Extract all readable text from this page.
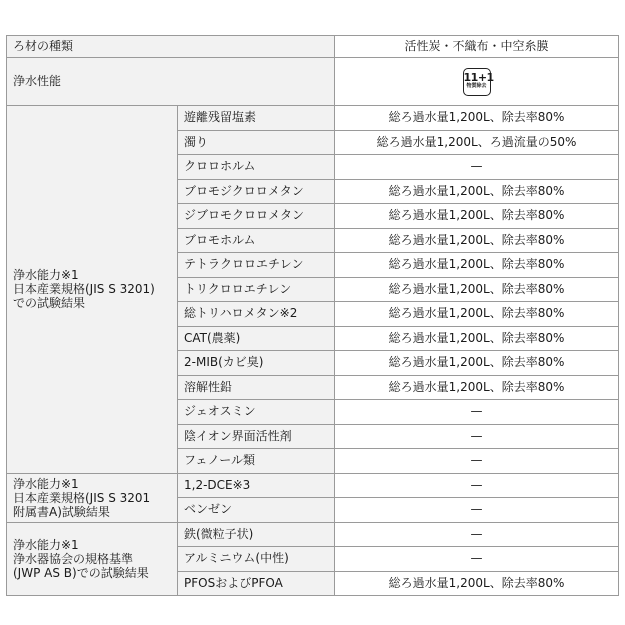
ろ材の種類		活性炭・不織布・中空糸膜
浄水性能		11+1
物質除去

浄水能力※1
日本産業規格(JIS S 3201)
での試験結果	遊離残留塩素	総ろ過水量1,200L、除去率80%
	濁り	総ろ過水量1,200L、ろ過流量の50%
	クロロホルム	—
	ブロモジクロロメタン	総ろ過水量1,200L、除去率80%
	ジブロモクロロメタン	総ろ過水量1,200L、除去率80%
	ブロモホルム	総ろ過水量1,200L、除去率80%
	テトラクロロエチレン	総ろ過水量1,200L、除去率80%
	トリクロロエチレン	総ろ過水量1,200L、除去率80%
	総トリハロメタン※2	総ろ過水量1,200L、除去率80%
	CAT(農薬)	総ろ過水量1,200L、除去率80%
	2-MIB(カビ臭)	総ろ過水量1,200L、除去率80%
	溶解性鉛	総ろ過水量1,200L、除去率80%
	ジェオスミン	—
	陰イオン界面活性剤	—
	フェノール類	—

浄水能力※1
日本産業規格(JIS S 3201
附属書A)試験結果	1,2-DCE※3	—
	ベンゼン	—

浄水能力※1
浄水器協会の規格基準
(JWP AS B)での試験結果	鉄(微粒子状)	—
	アルミニウム(中性)	—
	PFOSおよびPFOA	総ろ過水量1,200L、除去率80%
